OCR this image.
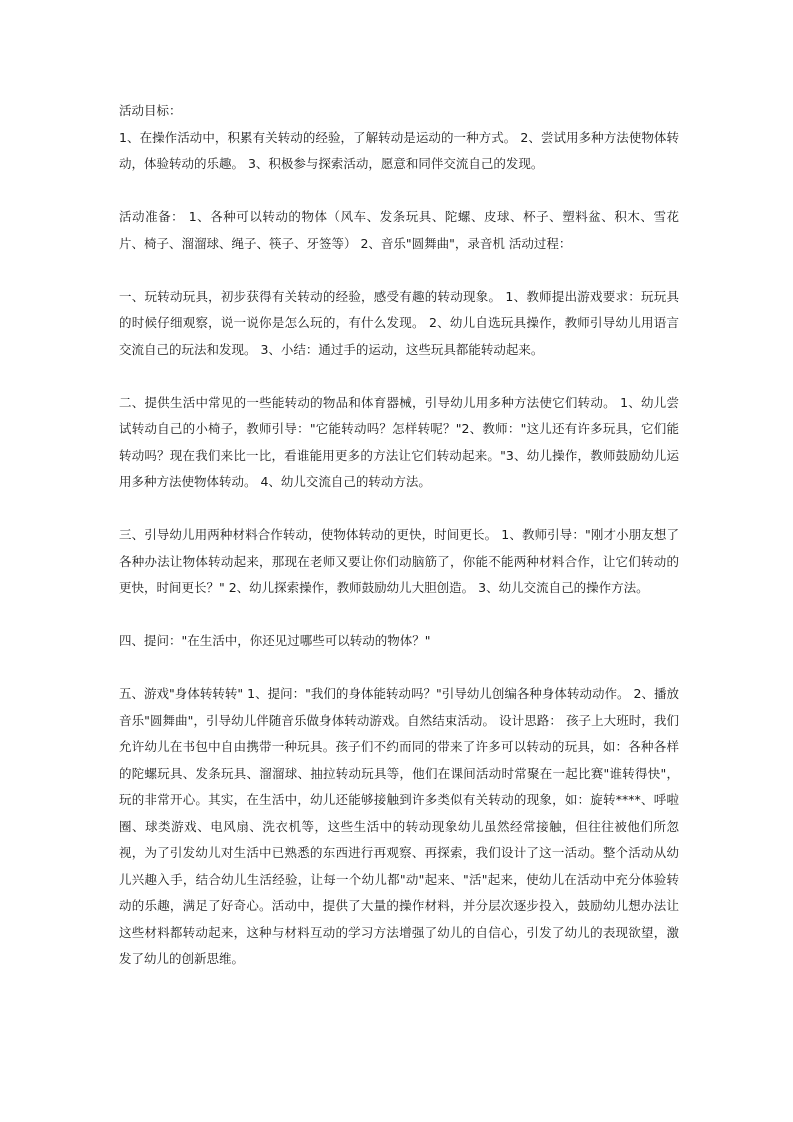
活动目标：

1、在操作活动中，积累有关转动的经验，了解转动是运动的一种方式。 2、尝试用多种方法使物体转动，体验转动的乐趣。 3、积极参与探索活动，愿意和同伴交流自己的发现。

活动准备： 1、各种可以转动的物体（风车、发条玩具、陀螺、皮球、杯子、塑料盆、积木、雪花片、椅子、溜溜球、绳子、筷子、牙签等） 2、音乐"圆舞曲"，录音机 活动过程：

一、玩转动玩具，初步获得有关转动的经验，感受有趣的转动现象。 1、教师提出游戏要求：玩玩具的时候仔细观察，说一说你是怎么玩的，有什么发现。 2、幼儿自选玩具操作，教师引导幼儿用语言交流自己的玩法和发现。 3、小结：通过手的运动，这些玩具都能转动起来。

二、提供生活中常见的一些能转动的物品和体育器械，引导幼儿用多种方法使它们转动。 1、幼儿尝试转动自己的小椅子，教师引导："它能转动吗？怎样转呢？"2、教师："这儿还有许多玩具，它们能转动吗？现在我们来比一比，看谁能用更多的方法让它们转动起来。"3、幼儿操作，教师鼓励幼儿运用多种方法使物体转动。 4、幼儿交流自己的转动方法。

三、引导幼儿用两种材料合作转动，使物体转动的更快，时间更长。 1、教师引导："刚才小朋友想了各种办法让物体转动起来，那现在老师又要让你们动脑筋了，你能不能两种材料合作，让它们转动的更快，时间更长？" 2、幼儿探索操作，教师鼓励幼儿大胆创造。 3、幼儿交流自己的操作方法。

四、提问："在生活中，你还见过哪些可以转动的物体？"

五、游戏"身体转转转" 1、提问："我们的身体能转动吗？"引导幼儿创编各种身体转动动作。 2、播放音乐"圆舞曲"，引导幼儿伴随音乐做身体转动游戏。自然结束活动。 设计思路： 孩子上大班时，我们允许幼儿在书包中自由携带一种玩具。孩子们不约而同的带来了许多可以转动的玩具，如：各种各样的陀螺玩具、发条玩具、溜溜球、抽拉转动玩具等，他们在课间活动时常聚在一起比赛"谁转得快"，玩的非常开心。其实，在生活中，幼儿还能够接触到许多类似有关转动的现象，如：旋转****、呼啦圈、球类游戏、电风扇、洗衣机等，这些生活中的转动现象幼儿虽然经常接触，但往往被他们所忽视，为了引发幼儿对生活中已熟悉的东西进行再观察、再探索，我们设计了这一活动。整个活动从幼儿兴趣入手，结合幼儿生活经验，让每一个幼儿都"动"起来、"活"起来，使幼儿在活动中充分体验转动的乐趣，满足了好奇心。活动中，提供了大量的操作材料，并分层次逐步投入，鼓励幼儿想办法让这些材料都转动起来，这种与材料互动的学习方法增强了幼儿的自信心，引发了幼儿的表现欲望，激发了幼儿的创新思维。
